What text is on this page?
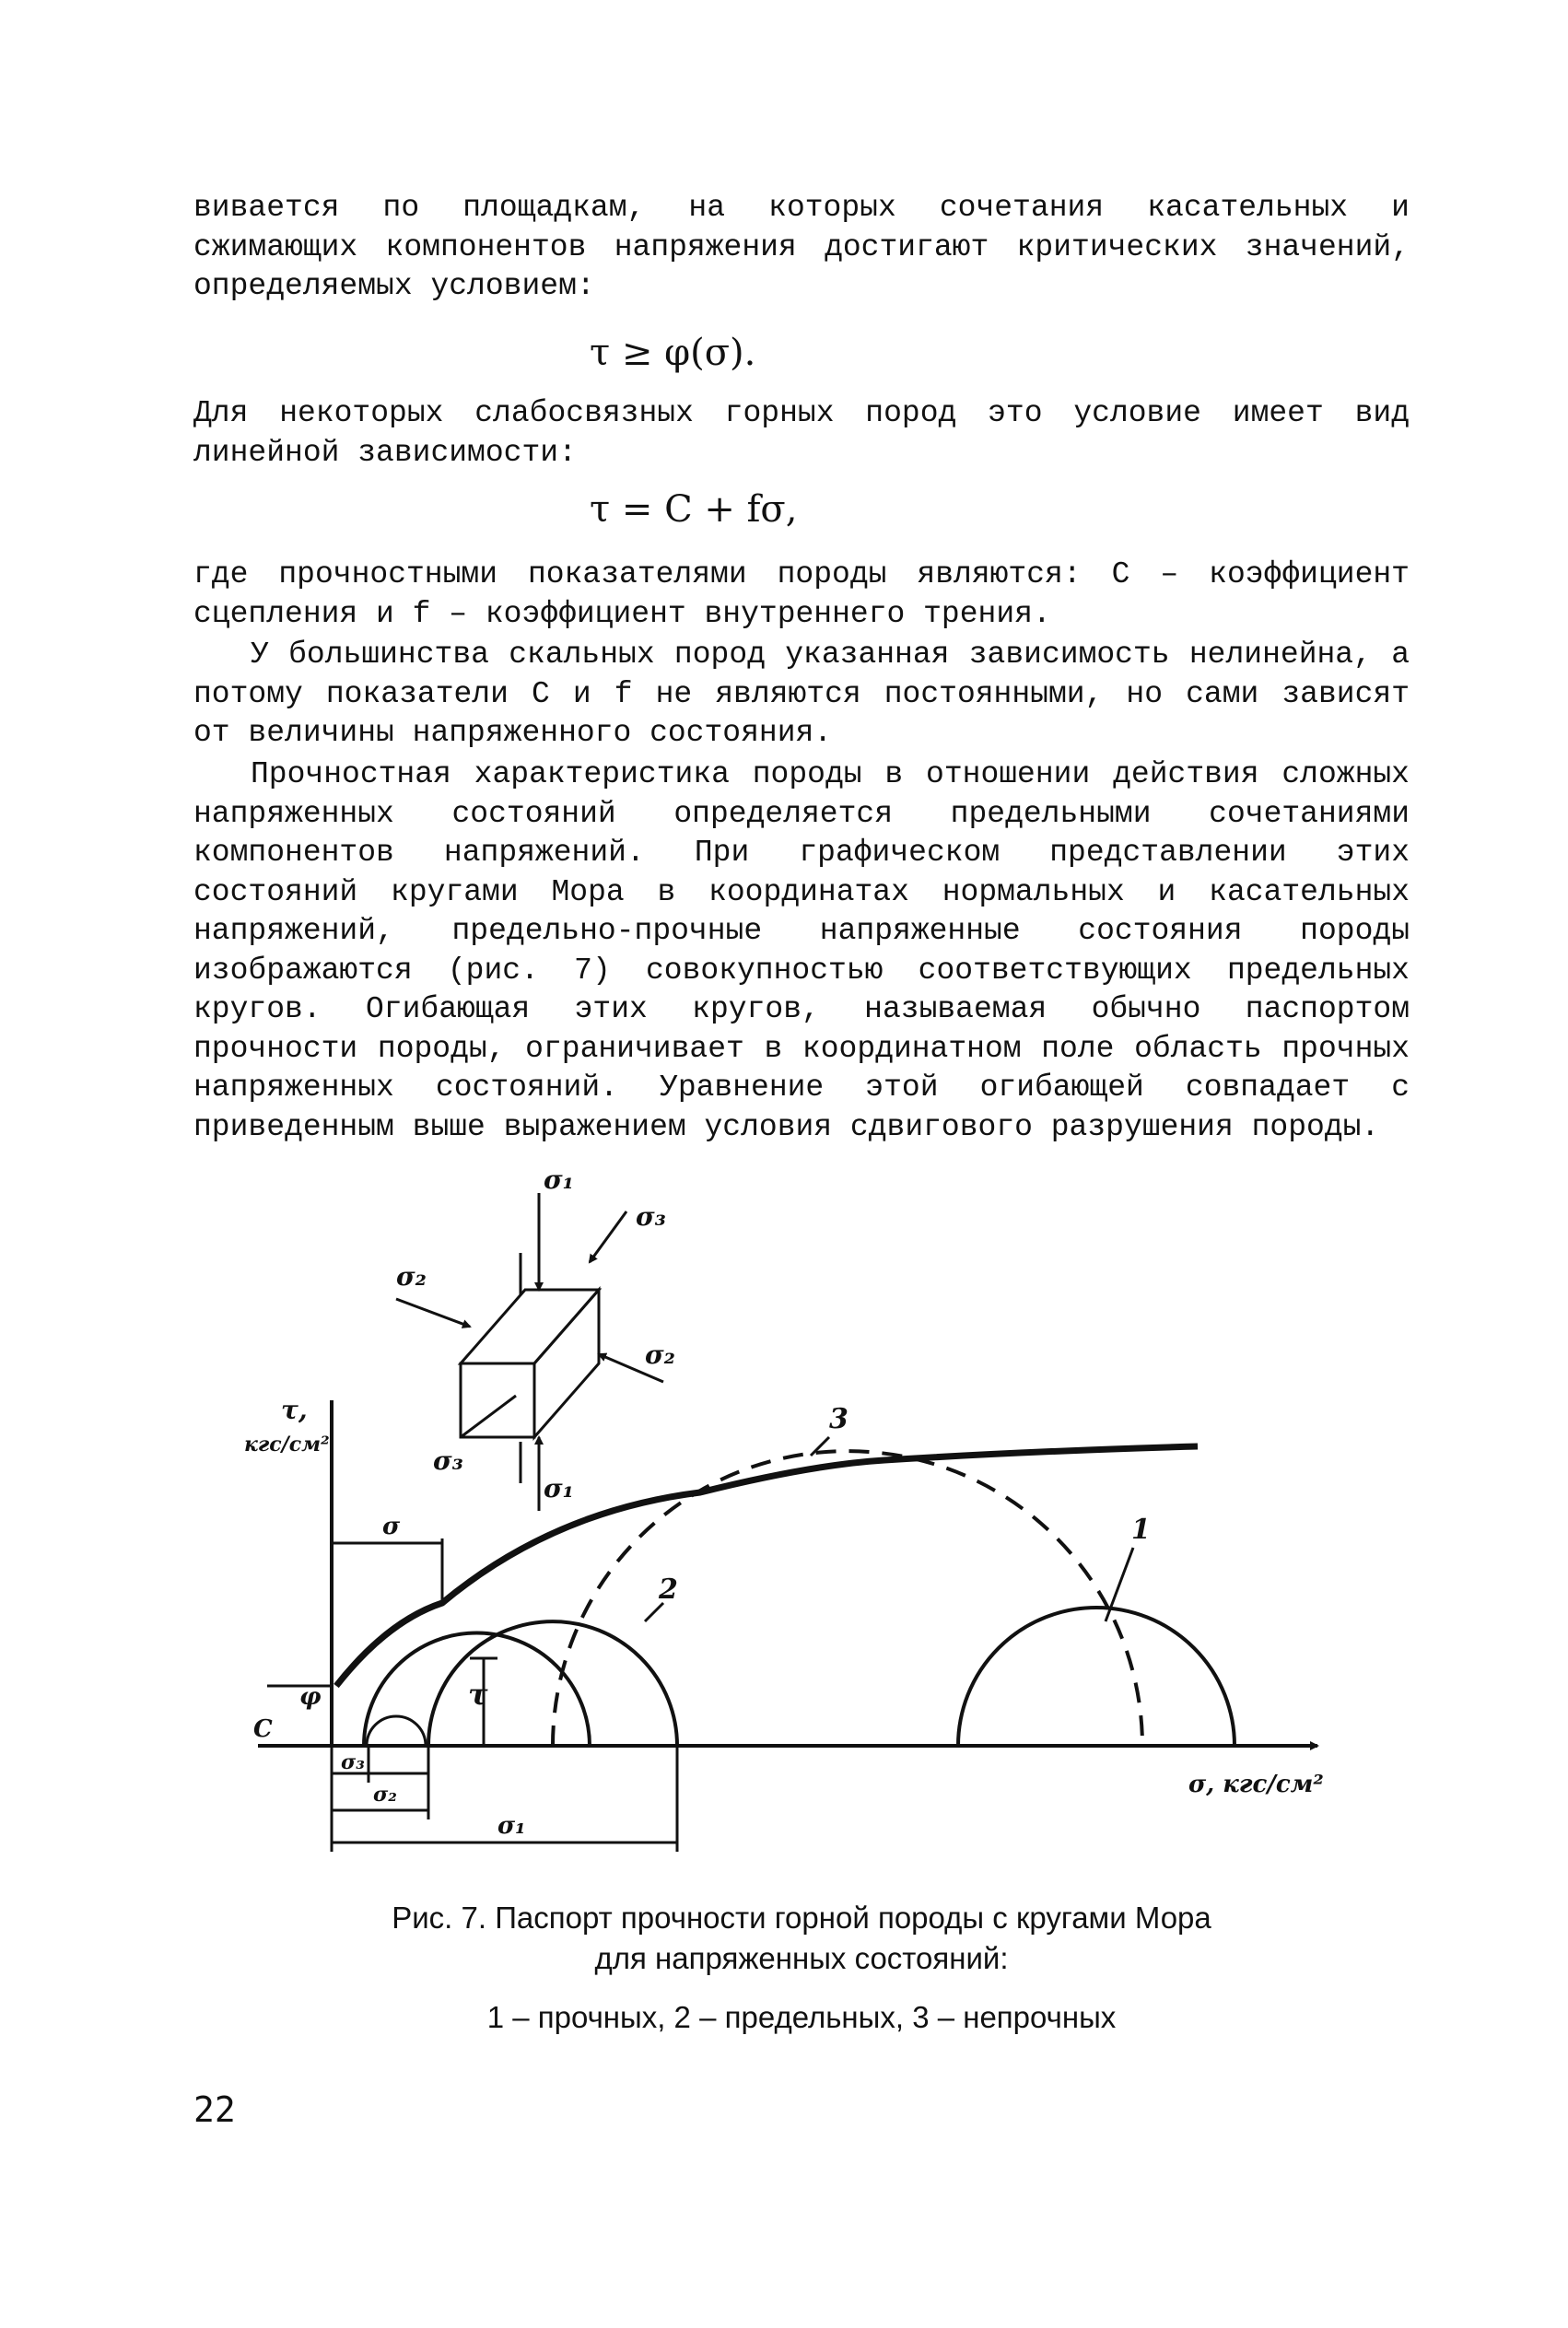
вивается по площадкам, на которых сочетания касательных и сжимающих компонентов напряжения достигают критических значений, определяемых условием:
τ ≥ φ(σ).
Для некоторых слабосвязных горных пород это условие имеет вид линейной зависимости:
τ = C + fσ,
где прочностными показателями породы являются: C – коэффициент сцепления и f – коэффициент внутреннего трения.
У большинства скальных пород указанная зависимость нелинейна, а потому показатели C и f не являются постоянными, но сами зависят от величины напряженного состояния.
Прочностная характеристика породы в отношении действия сложных напряженных состояний определяется предельными сочетаниями компонентов напряжений. При графическом представлении этих состояний кругами Мора в координатах нормальных и касательных напряжений, предельно-прочные напряженные состояния породы изображаются (рис. 7) совокупностью соответствующих предельных кругов. Огибающая этих кругов, называемая обычно паспортом прочности породы, ограничивает в координатном поле область прочных напряженных состояний. Уравнение этой огибающей совпадает с приведенным выше выражением условия сдвигового разрушения породы.
τ,
кгс/см²
σ, кгс/см²
σ
τ
C
φ
σ₁
σ₁
σ₂
σ₂
σ₃
σ₃
σ₃
σ₂
σ₁
1
2
3
Рис. 7. Паспорт прочности горной породы с кругами Мора
для напряженных состояний:
1 – прочных, 2 – предельных, 3 – непрочных
22
